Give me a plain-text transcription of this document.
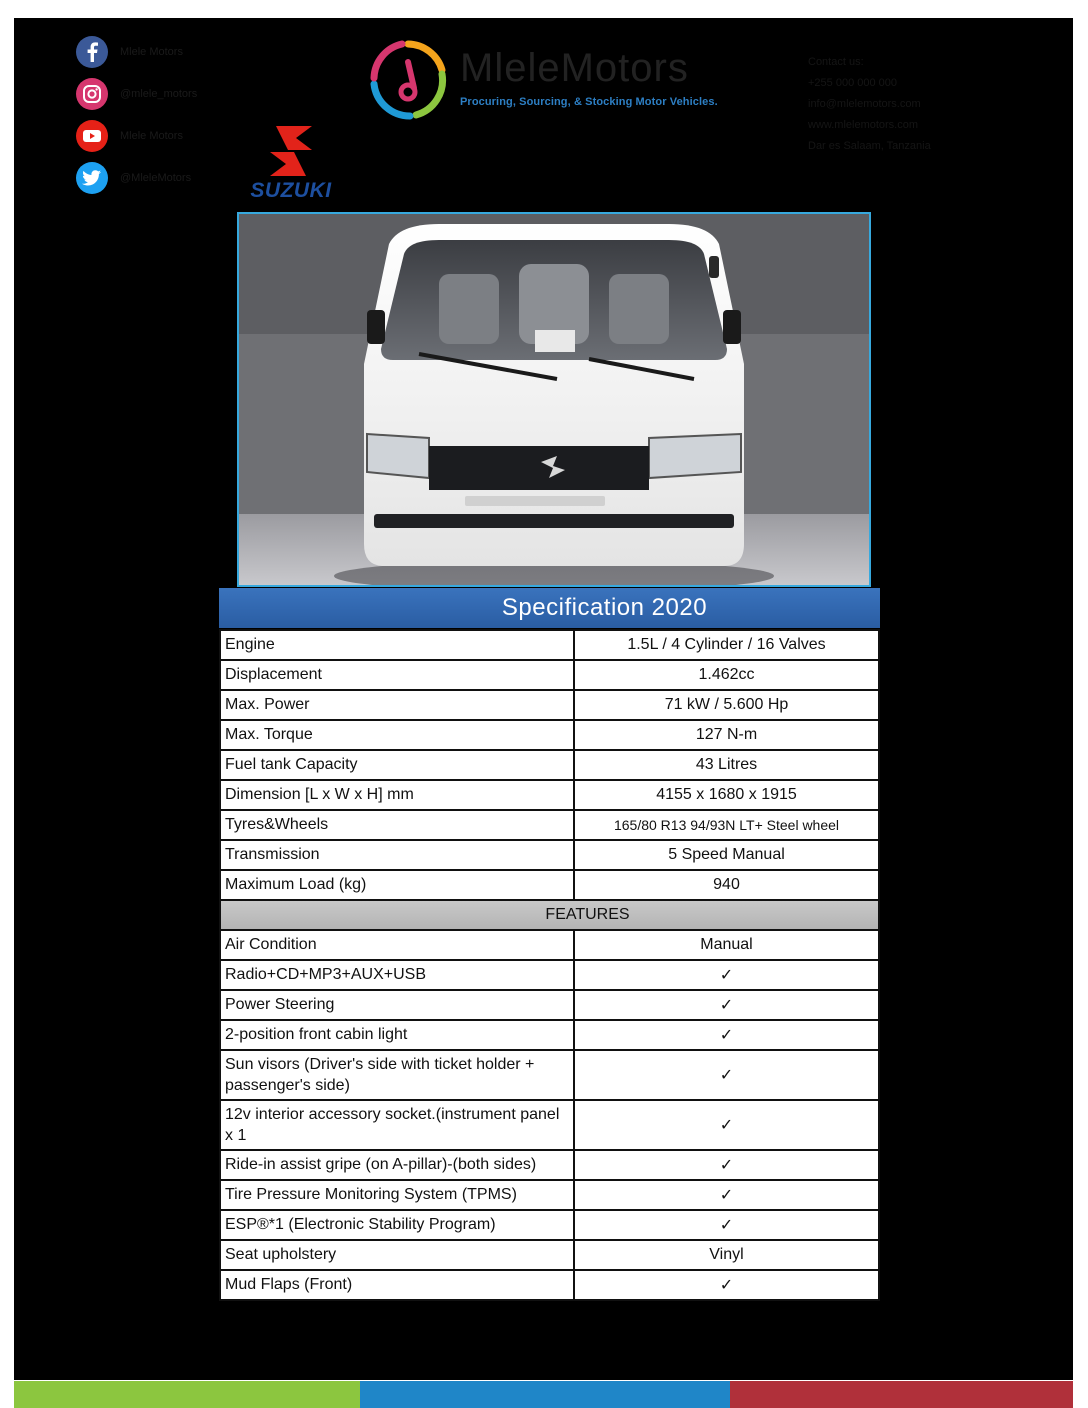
Mlele Motors
@mlele_motors
Mlele Motors
@MleleMotors
MlelеMotors
Procuring, Sourcing, & Stocking Motor Vehicles.
Contact us:
+255 000 000 000
info@mlelemotors.com
www.mlelemotors.com
Dar es Salaam, Tanzania
SUZUKI
Specification 2020
Engine	1.5L / 4 Cylinder / 16 Valves
Displacement	1.462cc
Max. Power	71 kW / 5.600 Hp
Max. Torque	127 N-m
Fuel tank Capacity	43 Litres
Dimension [L x W x H] mm	4155 x 1680 x 1915
Tyres&Wheels	165/80 R13 94/93N LT+ Steel wheel
Transmission	5 Speed Manual
Maximum Load (kg)	940
FEATURES	
Air Condition	Manual
Radio+CD+MP3+AUX+USB	✓
Power Steering	✓
2-position front cabin light	✓
Sun visors (Driver's side with ticket holder + passenger's side)	✓
12v interior accessory socket.(instrument panel x 1	✓
Ride-in assist gripe (on A-pillar)-(both sides)	✓
Tire Pressure Monitoring System (TPMS)	✓
ESP®*1 (Electronic Stability Program)	✓
Seat upholstery	Vinyl
Mud Flaps (Front)	✓
